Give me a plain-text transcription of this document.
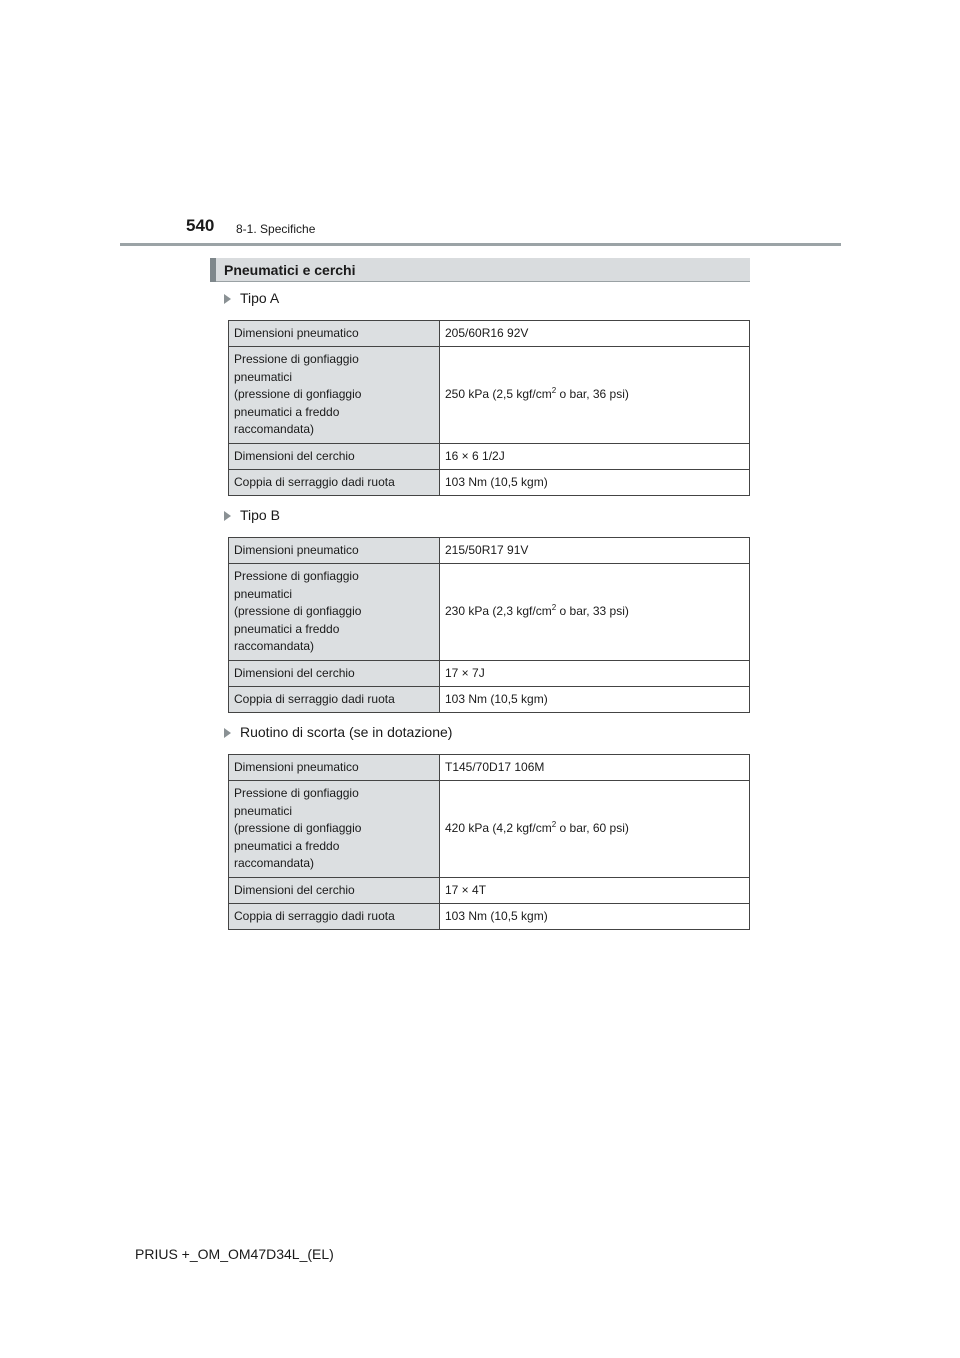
540 8-1. Specifiche
Pneumatici e cerchi
Tipo A
Dimensioni pneumatico	205/60R16 92V
Pressione di gonfiaggio
pneumatici
(pressione di gonfiaggio
pneumatici a freddo
raccomandata)	250 kPa (2,5 kgf/$cm^2$ o bar, 36 psi)
Dimensioni del cerchio	16 × 6 1/2J
Coppia di serraggio dadi ruota	103 Nm (10,5 kgm)
Tipo B
Dimensioni pneumatico	215/50R17 91V
Pressione di gonfiaggio
pneumatici
(pressione di gonfiaggio
pneumatici a freddo
raccomandata)	230 kPa (2,3 kgf/$cm^2$ o bar, 33 psi)
Dimensioni del cerchio	17 × 7J
Coppia di serraggio dadi ruota	103 Nm (10,5 kgm)
Ruotino di scorta (se in dotazione)
Dimensioni pneumatico	T145/70D17 106M
Pressione di gonfiaggio
pneumatici
(pressione di gonfiaggio
pneumatici a freddo
raccomandata)	420 kPa (4,2 kgf/$cm^2$ o bar, 60 psi)
Dimensioni del cerchio	17 × 4T
Coppia di serraggio dadi ruota	103 Nm (10,5 kgm)
PRIUS +_OM_OM47D34L_(EL)
